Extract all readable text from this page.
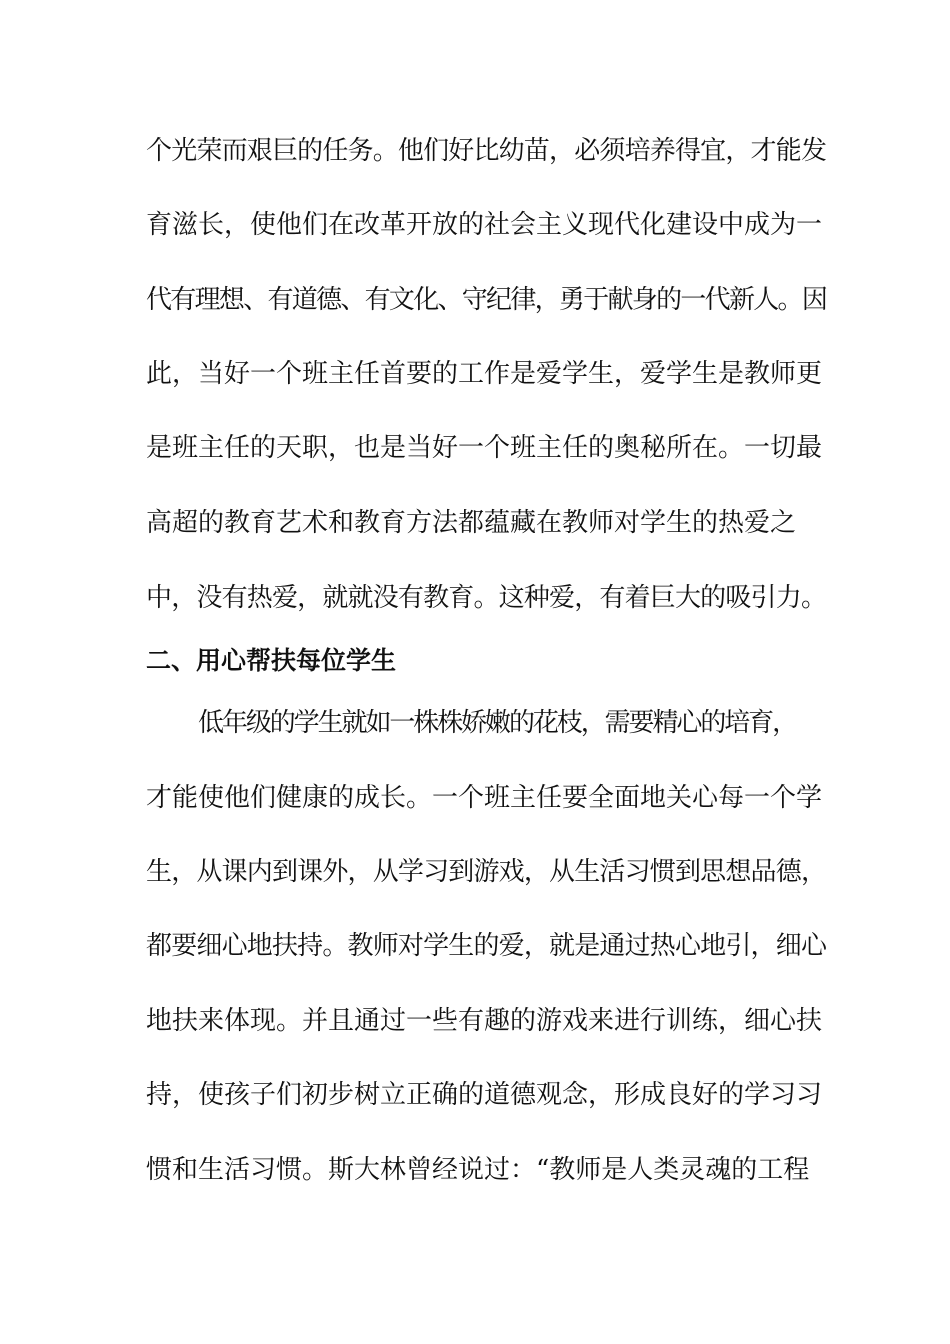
个光荣而艰巨的任务。他们好比幼苗，必须培养得宜，才能发
育滋长，使他们在改革开放的社会主义现代化建设中成为一
代有理想、有道德、有文化、守纪律，勇于献身的一代新人。因
此，当好一个班主任首要的工作是爱学生，爱学生是教师更
是班主任的天职，也是当好一个班主任的奥秘所在。一切最
高超的教育艺术和教育方法都蕴藏在教师对学生的热爱之
中，没有热爱，就就没有教育。这种爱，有着巨大的吸引力。
二、用心帮扶每位学生
低年级的学生就如一株株娇嫩的花枝，需要精心的培育，
才能使他们健康的成长。一个班主任要全面地关心每一个学
生，从课内到课外，从学习到游戏，从生活习惯到思想品德，
都要细心地扶持。教师对学生的爱，就是通过热心地引，细心
地扶来体现。并且通过一些有趣的游戏来进行训练，细心扶
持，使孩子们初步树立正确的道德观念，形成良好的学习习
惯和生活习惯。斯大林曾经说过：“教师是人类灵魂的工程
